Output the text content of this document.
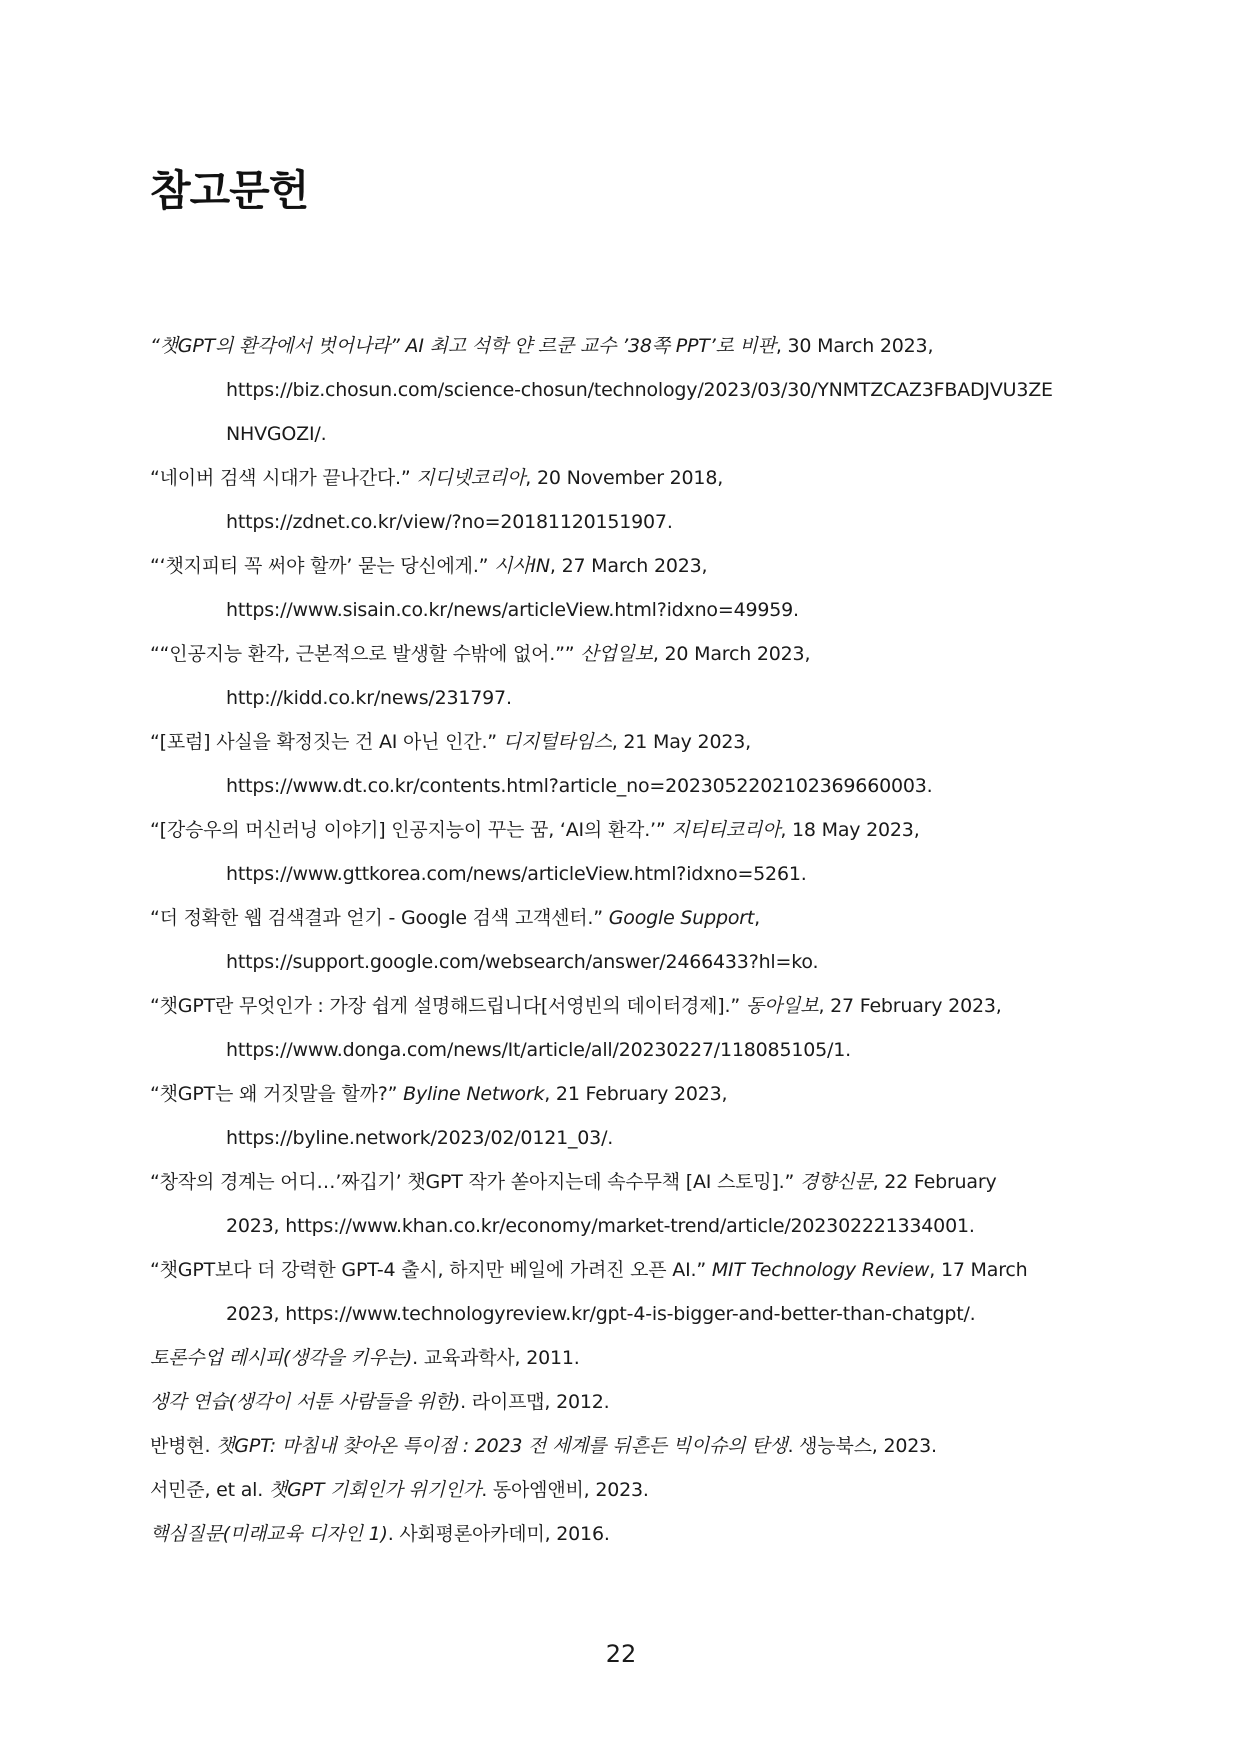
참고문헌
“챗GPT의 환각에서 벗어나라” AI 최고 석학 얀 르쿤 교수 ’38쪽 PPT’로 비판, 30 March 2023,
https://biz.chosun.com/science-chosun/technology/2023/03/30/YNMTZCAZ3FBADJVU3ZE
NHVGOZI/.
“네이버 검색 시대가 끝나간다.” 지디넷코리아, 20 November 2018,
https://zdnet.co.kr/view/?no=20181120151907.
“‘챗지피티 꼭 써야 할까’ 묻는 당신에게.” 시사IN, 27 March 2023,
https://www.sisain.co.kr/news/articleView.html?idxno=49959.
““인공지능 환각, 근본적으로 발생할 수밖에 없어.”” 산업일보, 20 March 2023,
http://kidd.co.kr/news/231797.
“[포럼] 사실을 확정짓는 건 AI 아닌 인간.” 디지털타임스, 21 May 2023,
https://www.dt.co.kr/contents.html?article_no=2023052202102369660003.
“[강승우의 머신러닝 이야기] 인공지능이 꾸는 꿈, ‘AI의 환각.’” 지티티코리아, 18 May 2023,
https://www.gttkorea.com/news/articleView.html?idxno=5261.
“더 정확한 웹 검색결과 얻기 - Google 검색 고객센터.” Google Support,
https://support.google.com/websearch/answer/2466433?hl=ko.
“챗GPT란 무엇인가 : 가장 쉽게 설명해드립니다[서영빈의 데이터경제].” 동아일보, 27 February 2023,
https://www.donga.com/news/It/article/all/20230227/118085105/1.
“챗GPT는 왜 거짓말을 할까?” Byline Network, 21 February 2023,
https://byline.network/2023/02/0121_03/.
“창작의 경계는 어디…’짜깁기’ 챗GPT 작가 쏟아지는데 속수무책 [AI 스토밍].” 경향신문, 22 February
2023, https://www.khan.co.kr/economy/market-trend/article/202302221334001.
“챗GPT보다 더 강력한 GPT-4 출시, 하지만 베일에 가려진 오픈 AI.” MIT Technology Review, 17 March
2023, https://www.technologyreview.kr/gpt-4-is-bigger-and-better-than-chatgpt/.
토론수업 레시피(생각을 키우는). 교육과학사, 2011.
생각 연습(생각이 서툰 사람들을 위한). 라이프맵, 2012.
반병현. 챗GPT: 마침내 찾아온 특이점 : 2023 전 세계를 뒤흔든 빅이슈의 탄생. 생능북스, 2023.
서민준, et al. 챗GPT 기회인가 위기인가. 동아엠앤비, 2023.
핵심질문(미래교육 디자인 1). 사회평론아카데미, 2016.
22
